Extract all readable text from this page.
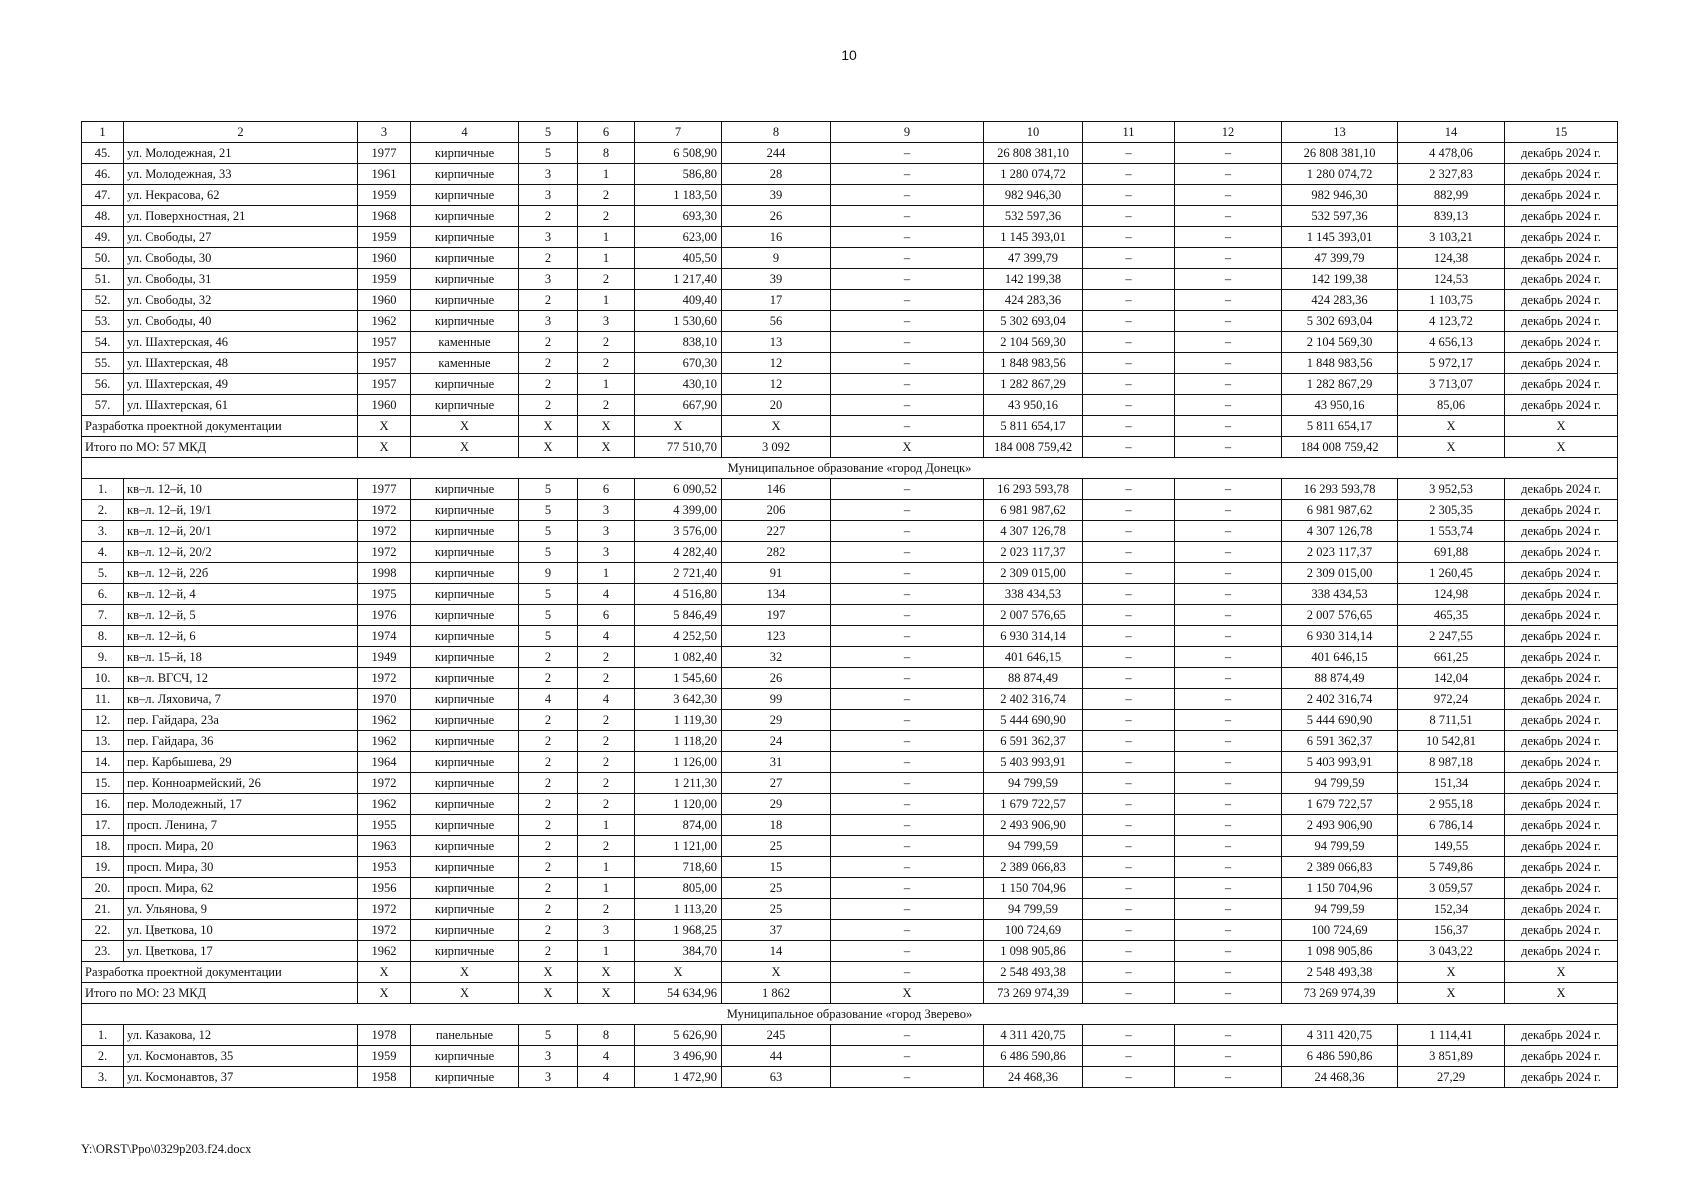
10
1	2	3	4	5	6	7	8	9	10	11	12	13	14	15
45.	ул. Молодежная, 21	1977	кирпичные	5	8	6 508,90	244	–	26 808 381,10	–	–	26 808 381,10	4 478,06	декабрь 2024 г.
46.	ул. Молодежная, 33	1961	кирпичные	3	1	586,80	28	–	1 280 074,72	–	–	1 280 074,72	2 327,83	декабрь 2024 г.
47.	ул. Некрасова, 62	1959	кирпичные	3	2	1 183,50	39	–	982 946,30	–	–	982 946,30	882,99	декабрь 2024 г.
48.	ул. Поверхностная, 21	1968	кирпичные	2	2	693,30	26	–	532 597,36	–	–	532 597,36	839,13	декабрь 2024 г.
49.	ул. Свободы, 27	1959	кирпичные	3	1	623,00	16	–	1 145 393,01	–	–	1 145 393,01	3 103,21	декабрь 2024 г.
50.	ул. Свободы, 30	1960	кирпичные	2	1	405,50	9	–	47 399,79	–	–	47 399,79	124,38	декабрь 2024 г.
51.	ул. Свободы, 31	1959	кирпичные	3	2	1 217,40	39	–	142 199,38	–	–	142 199,38	124,53	декабрь 2024 г.
52.	ул. Свободы, 32	1960	кирпичные	2	1	409,40	17	–	424 283,36	–	–	424 283,36	1 103,75	декабрь 2024 г.
53.	ул. Свободы, 40	1962	кирпичные	3	3	1 530,60	56	–	5 302 693,04	–	–	5 302 693,04	4 123,72	декабрь 2024 г.
54.	ул. Шахтерская, 46	1957	каменные	2	2	838,10	13	–	2 104 569,30	–	–	2 104 569,30	4 656,13	декабрь 2024 г.
55.	ул. Шахтерская, 48	1957	каменные	2	2	670,30	12	–	1 848 983,56	–	–	1 848 983,56	5 972,17	декабрь 2024 г.
56.	ул. Шахтерская, 49	1957	кирпичные	2	1	430,10	12	–	1 282 867,29	–	–	1 282 867,29	3 713,07	декабрь 2024 г.
57.	ул. Шахтерская, 61	1960	кирпичные	2	2	667,90	20	–	43 950,16	–	–	43 950,16	85,06	декабрь 2024 г.
Разработка проектной документации		X	X	X	X	X	X	–	5 811 654,17	–	–	5 811 654,17	X	X
Итого по МО: 57 МКД		X	X	X	X	77 510,70	3 092	X	184 008 759,42	–	–	184 008 759,42	X	X
Муниципальное образование «город Донецк»														
1.	кв–л. 12–й, 10	1977	кирпичные	5	6	6 090,52	146	–	16 293 593,78	–	–	16 293 593,78	3 952,53	декабрь 2024 г.
2.	кв–л. 12–й, 19/1	1972	кирпичные	5	3	4 399,00	206	–	6 981 987,62	–	–	6 981 987,62	2 305,35	декабрь 2024 г.
3.	кв–л. 12–й, 20/1	1972	кирпичные	5	3	3 576,00	227	–	4 307 126,78	–	–	4 307 126,78	1 553,74	декабрь 2024 г.
4.	кв–л. 12–й, 20/2	1972	кирпичные	5	3	4 282,40	282	–	2 023 117,37	–	–	2 023 117,37	691,88	декабрь 2024 г.
5.	кв–л. 12–й, 22б	1998	кирпичные	9	1	2 721,40	91	–	2 309 015,00	–	–	2 309 015,00	1 260,45	декабрь 2024 г.
6.	кв–л. 12–й, 4	1975	кирпичные	5	4	4 516,80	134	–	338 434,53	–	–	338 434,53	124,98	декабрь 2024 г.
7.	кв–л. 12–й, 5	1976	кирпичные	5	6	5 846,49	197	–	2 007 576,65	–	–	2 007 576,65	465,35	декабрь 2024 г.
8.	кв–л. 12–й, 6	1974	кирпичные	5	4	4 252,50	123	–	6 930 314,14	–	–	6 930 314,14	2 247,55	декабрь 2024 г.
9.	кв–л. 15–й, 18	1949	кирпичные	2	2	1 082,40	32	–	401 646,15	–	–	401 646,15	661,25	декабрь 2024 г.
10.	кв–л. ВГСЧ, 12	1972	кирпичные	2	2	1 545,60	26	–	88 874,49	–	–	88 874,49	142,04	декабрь 2024 г.
11.	кв–л. Ляховича, 7	1970	кирпичные	4	4	3 642,30	99	–	2 402 316,74	–	–	2 402 316,74	972,24	декабрь 2024 г.
12.	пер. Гайдара, 23а	1962	кирпичные	2	2	1 119,30	29	–	5 444 690,90	–	–	5 444 690,90	8 711,51	декабрь 2024 г.
13.	пер. Гайдара, 36	1962	кирпичные	2	2	1 118,20	24	–	6 591 362,37	–	–	6 591 362,37	10 542,81	декабрь 2024 г.
14.	пер. Карбышева, 29	1964	кирпичные	2	2	1 126,00	31	–	5 403 993,91	–	–	5 403 993,91	8 987,18	декабрь 2024 г.
15.	пер. Конноармейский, 26	1972	кирпичные	2	2	1 211,30	27	–	94 799,59	–	–	94 799,59	151,34	декабрь 2024 г.
16.	пер. Молодежный, 17	1962	кирпичные	2	2	1 120,00	29	–	1 679 722,57	–	–	1 679 722,57	2 955,18	декабрь 2024 г.
17.	просп. Ленина, 7	1955	кирпичные	2	1	874,00	18	–	2 493 906,90	–	–	2 493 906,90	6 786,14	декабрь 2024 г.
18.	просп. Мира, 20	1963	кирпичные	2	2	1 121,00	25	–	94 799,59	–	–	94 799,59	149,55	декабрь 2024 г.
19.	просп. Мира, 30	1953	кирпичные	2	1	718,60	15	–	2 389 066,83	–	–	2 389 066,83	5 749,86	декабрь 2024 г.
20.	просп. Мира, 62	1956	кирпичные	2	1	805,00	25	–	1 150 704,96	–	–	1 150 704,96	3 059,57	декабрь 2024 г.
21.	ул. Ульянова, 9	1972	кирпичные	2	2	1 113,20	25	–	94 799,59	–	–	94 799,59	152,34	декабрь 2024 г.
22.	ул. Цветкова, 10	1972	кирпичные	2	3	1 968,25	37	–	100 724,69	–	–	100 724,69	156,37	декабрь 2024 г.
23.	ул. Цветкова, 17	1962	кирпичные	2	1	384,70	14	–	1 098 905,86	–	–	1 098 905,86	3 043,22	декабрь 2024 г.
Разработка проектной документации		X	X	X	X	X	X	–	2 548 493,38	–	–	2 548 493,38	X	X
Итого по МО: 23 МКД		X	X	X	X	54 634,96	1 862	X	73 269 974,39	–	–	73 269 974,39	X	X
Муниципальное образование «город Зверево»														
1.	ул. Казакова, 12	1978	панельные	5	8	5 626,90	245	–	4 311 420,75	–	–	4 311 420,75	1 114,41	декабрь 2024 г.
2.	ул. Космонавтов, 35	1959	кирпичные	3	4	3 496,90	44	–	6 486 590,86	–	–	6 486 590,86	3 851,89	декабрь 2024 г.
3.	ул. Космонавтов, 37	1958	кирпичные	3	4	1 472,90	63	–	24 468,36	–	–	24 468,36	27,29	декабрь 2024 г.
Y:\ORST\Ppo\0329p203.f24.docx
